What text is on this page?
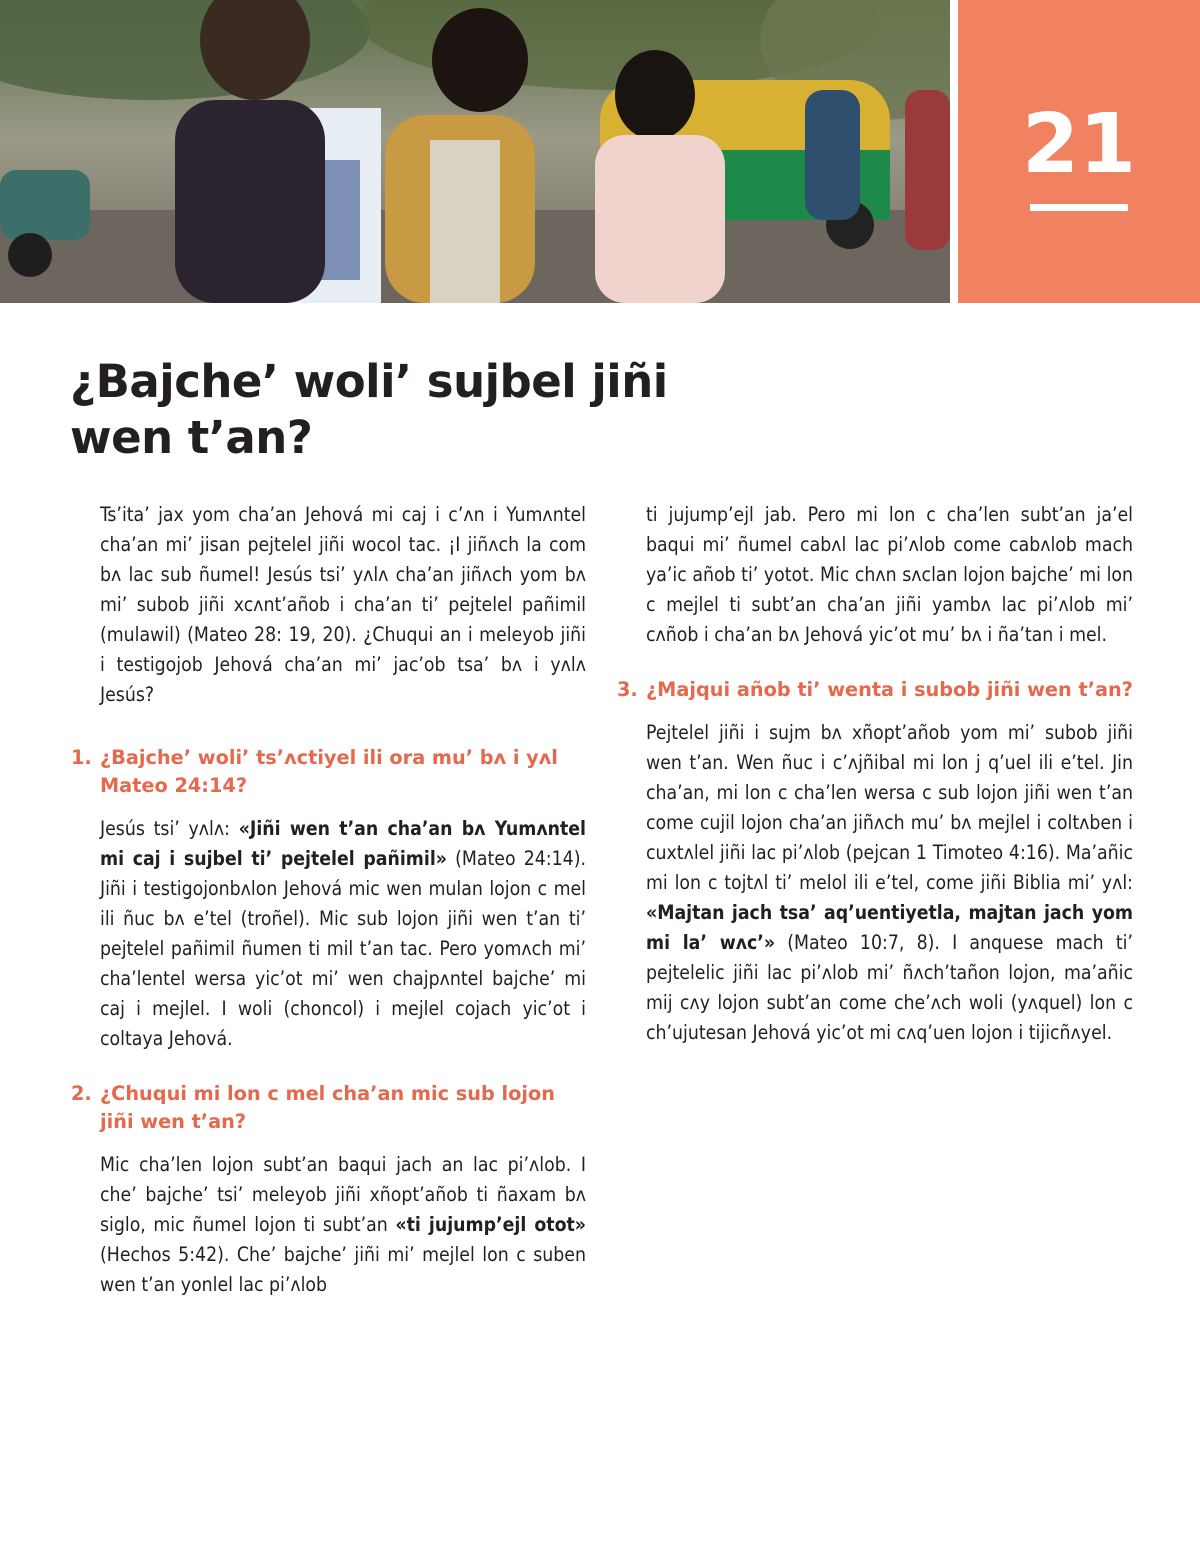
21
¿Bajche’ woli’ sujbel jiñi wen t’an?

Ts’ita’ jax yom cha’an Jehová mi caj i c’ʌn i Yumʌntel cha’an mi’ jisan pejtelel jiñi wocol tac. ¡I jiñʌch la com bʌ lac sub ñumel! Jesús tsi’ yʌlʌ cha’an jiñʌch yom bʌ mi’ subob jiñi xcʌnt’añob i cha’an ti’ pejtelel pañimil (mulawil) (Mateo 28: 19, 20). ¿Chuqui an i meleyob jiñi i testigojob Jehová cha’an mi’ jac’ob tsa’ bʌ i yʌlʌ Jesús?

1. ¿Bajche’ woli’ ts’ʌctiyel ili ora mu’ bʌ i yʌl Mateo 24:14?

Jesús tsi’ yʌlʌ: «Jiñi wen t’an cha’an bʌ Yumʌntel mi caj i sujbel ti’ pejtelel pañimil» (Mateo 24:14). Jiñi i testigojonbʌlon Jehová mic wen mulan lojon c mel ili ñuc bʌ e’tel (troñel). Mic sub lojon jiñi wen t’an ti’ pejtelel pañimil ñumen ti mil t’an tac. Pero yomʌch mi’ cha’lentel wersa yic’ot mi’ wen chajpʌntel bajche’ mi caj i mejlel. I woli (choncol) i mejlel cojach yic’ot i coltaya Jehová.

2. ¿Chuqui mi lon c mel cha’an mic sub lojon jiñi wen t’an?

Mic cha’len lojon subt’an baqui jach an lac pi’ʌlob. I che’ bajche’ tsi’ meleyob jiñi xñopt’añob ti ñaxam bʌ siglo, mic ñumel lojon ti subt’an «ti jujump’ejl otot» (Hechos 5:42). Che’ bajche’ jiñi mi’ mejlel lon c suben wen t’an yonlel lac pi’ʌlob

ti jujump’ejl jab. Pero mi lon c cha’len subt’an ja’el baqui mi’ ñumel cabʌl lac pi’ʌlob come cabʌlob mach ya’ic añob ti’ yotot. Mic chʌn sʌclan lojon bajche’ mi lon c mejlel ti subt’an cha’an jiñi yambʌ lac pi’ʌlob mi’ cʌñob i cha’an bʌ Jehová yic’ot mu’ bʌ i ña’tan i mel.

3. ¿Majqui añob ti’ wenta i subob jiñi wen t’an?

Pejtelel jiñi i sujm bʌ xñopt’añob yom mi’ subob jiñi wen t’an. Wen ñuc i c’ʌjñibal mi lon j q’uel ili e’tel. Jin cha’an, mi lon c cha’len wersa c sub lojon jiñi wen t’an come cujil lojon cha’an jiñʌch mu’ bʌ mejlel i coltʌben i cuxtʌlel jiñi lac pi’ʌlob (pejcan 1 Timoteo 4:16). Ma’añic mi lon c tojtʌl ti’ melol ili e’tel, come jiñi Biblia mi’ yʌl: «Majtan jach tsa’ aq’uentiyetla, majtan jach yom mi la’ wʌc’» (Mateo 10:7, 8). I anquese mach ti’ pejtelelic jiñi lac pi’ʌlob mi’ ñʌch’tañon lojon, ma’añic mij cʌy lojon subt’an come che’ʌch woli (yʌquel) lon c ch’ujutesan Jehová yic’ot mi cʌq’uen lojon i tijicñʌyel.
